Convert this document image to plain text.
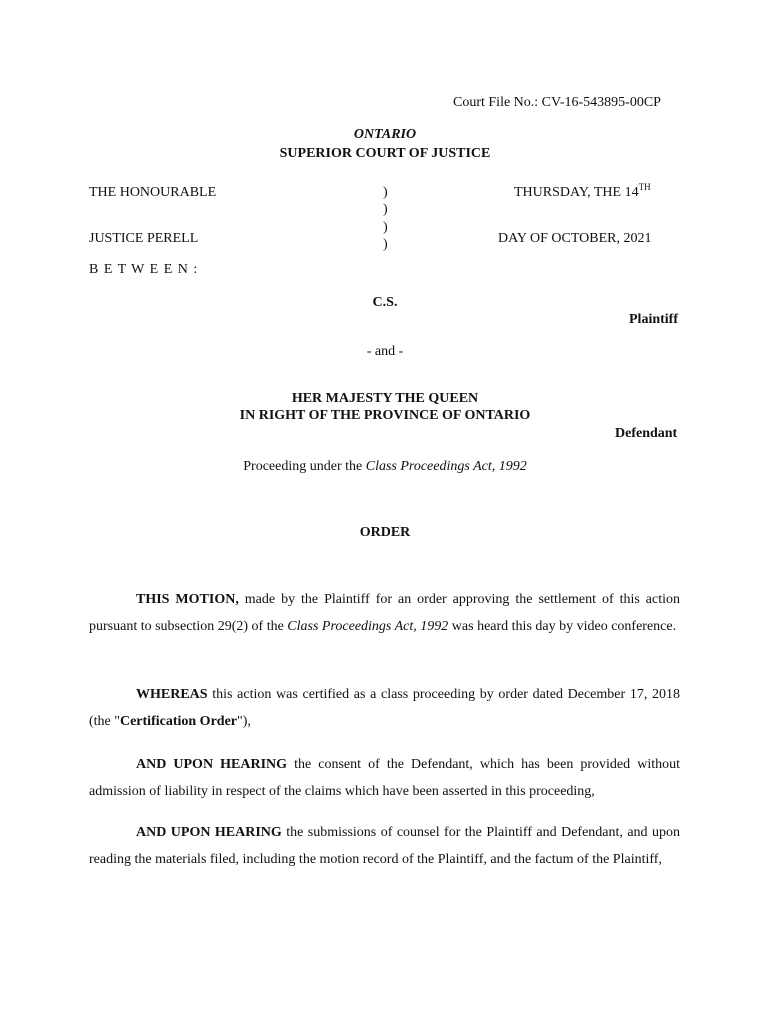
Court File No.: CV-16-543895-00CP
ONTARIO
SUPERIOR COURT OF JUSTICE
THE HONOURABLE
JUSTICE PERELL
)
)
)
)
THURSDAY, THE 14TH
DAY OF OCTOBER, 2021
B E T W E E N :
C.S.
Plaintiff
- and -
HER MAJESTY THE QUEEN
IN RIGHT OF THE PROVINCE OF ONTARIO
Defendant
Proceeding under the Class Proceedings Act, 1992
ORDER
THIS MOTION, made by the Plaintiff for an order approving the settlement of this action pursuant to subsection 29(2) of the Class Proceedings Act, 1992 was heard this day by video conference.
WHEREAS this action was certified as a class proceeding by order dated December 17, 2018 (the "Certification Order"),
AND UPON HEARING the consent of the Defendant, which has been provided without admission of liability in respect of the claims which have been asserted in this proceeding,
AND UPON HEARING the submissions of counsel for the Plaintiff and Defendant, and upon reading the materials filed, including the motion record of the Plaintiff, and the factum of the Plaintiff,
